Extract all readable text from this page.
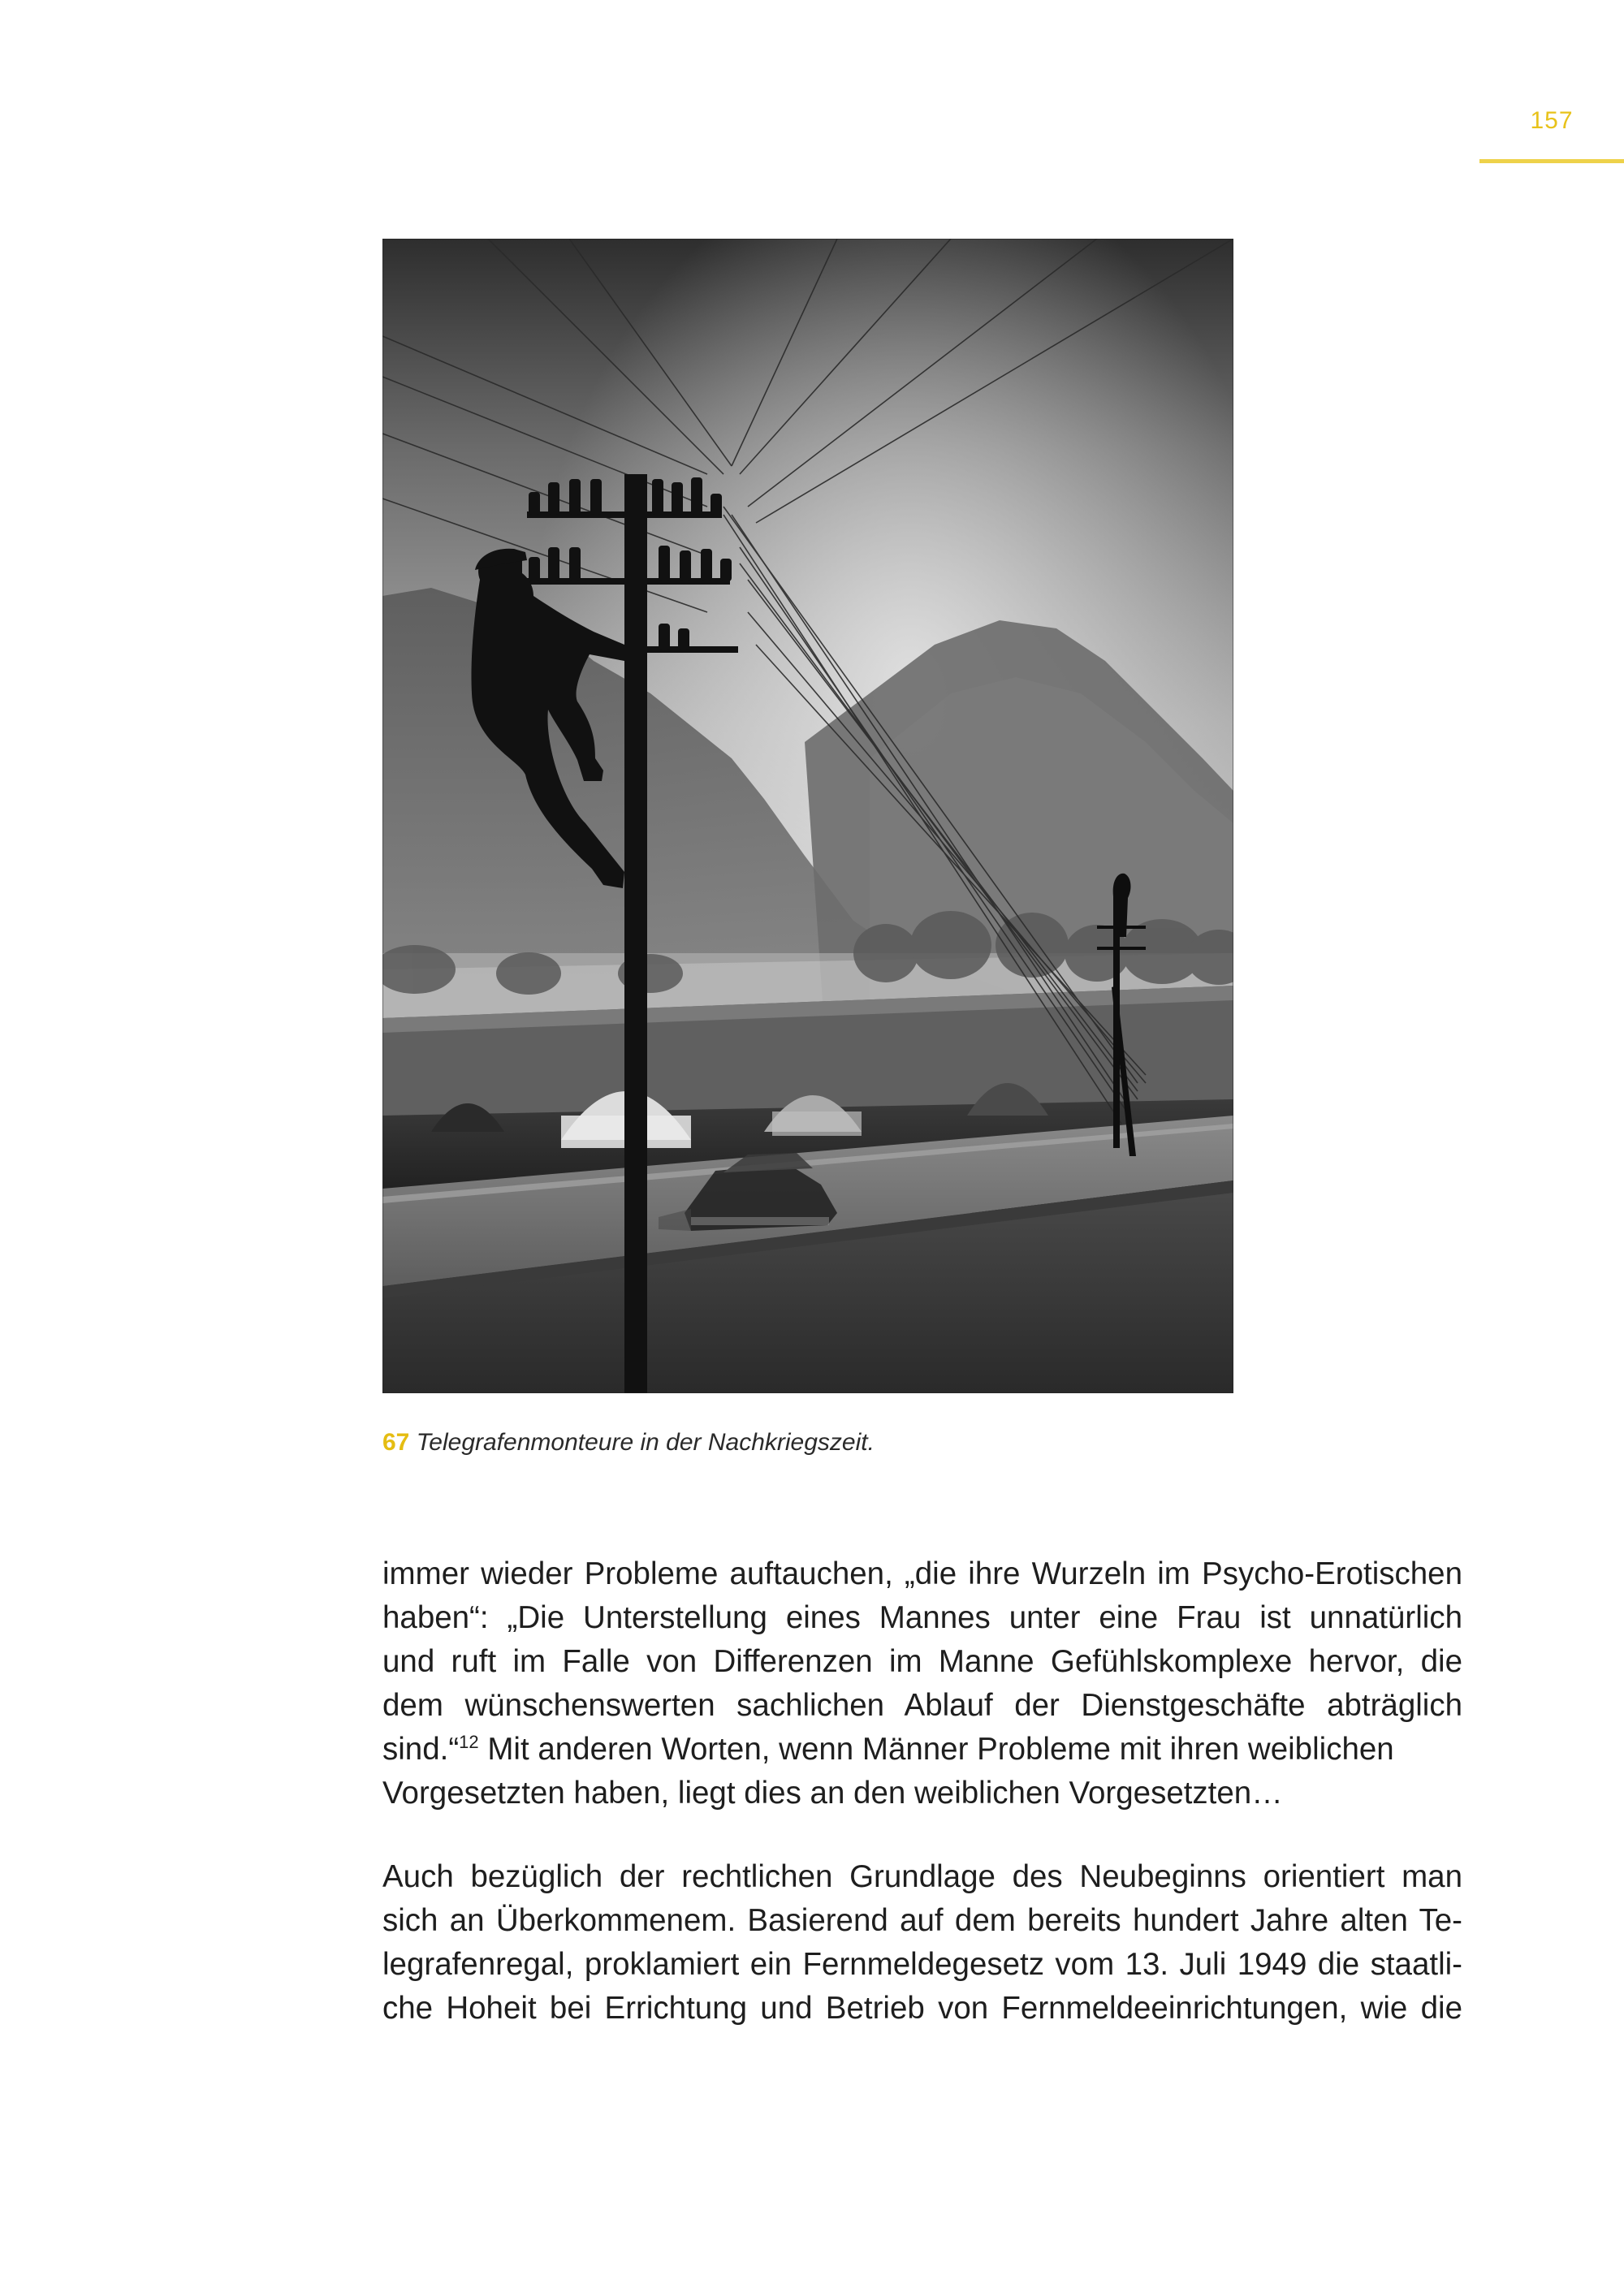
157
67 Telegrafenmonteure in der Nachkriegszeit.

immer wieder Probleme auftauchen, „die ihre Wurzeln im Psycho-Erotischen
haben“: „Die Unterstellung eines Mannes unter eine Frau ist unnatürlich
und ruft im Falle von Differenzen im Manne Gefühlskomplexe hervor, die
dem wünschenswerten sachlichen Ablauf der Dienstgeschäfte abträglich
sind.“$^{12}$ Mit anderen Worten, wenn Männer Probleme mit ihren weiblichen
Vorgesetzten haben, liegt dies an den weiblichen Vorgesetzten…

Auch bezüglich der rechtlichen Grundlage des Neubeginns orientiert man
sich an Überkommenem. Basierend auf dem bereits hundert Jahre alten Te-
legrafenregal, proklamiert ein Fernmeldegesetz vom 13. Juli 1949 die staatli-
che Hoheit bei Errichtung und Betrieb von Fernmeldeeinrichtungen, wie die
